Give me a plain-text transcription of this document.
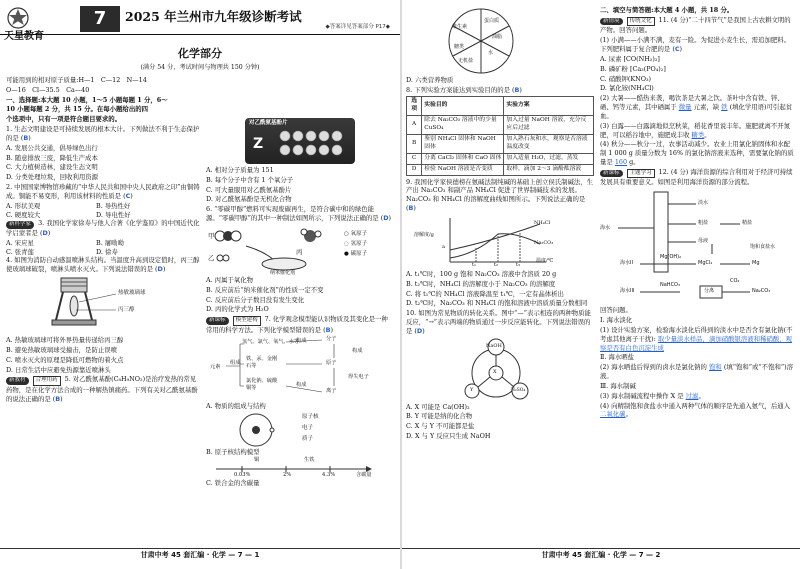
天星教育
7	2025 年兰州市九年级诊断考试
◆答案详见答案部分 P17◆
化学部分
(满分 54 分，考试时间与物理共 150 分钟)

可能用到的相对原子质量:H—1　C—12　N—14

O—16　Cl—35.5　Ca—40

一、选择题:本大题 10 小题，1～5 小题每题 1 分，6～

10 小题每题 2 分，共 15 分。在每小题给出的四

个选项中，只有一项是符合题目要求的。

1. 生态文明建设是可持续发展的根本大计。下列做法不利于生态保护的是 (B)

A. 发展公共交通，倡导绿色出行

B. 随意排放三废，降低生产成本

C. 大力植树造林，建设生态文明

D. 分类处理垃圾，回收利用资源

2. 中国国家博物馆珍藏的“中华人民共和国中央人民政府之印”由铜铸成。铜能不易变形，利用该材料的性质是 (C)
A. 形状美观	B. 导热性好
C. 硬度较大	D. 导电性好
新科学家 3. 我国化学家徐寿与他人合著《化学鉴原》的中国近代化学启蒙者是 (D)
A. 宋应星	B. 屠呦呦
C. 张青莲	D. 徐寿
4. 如图为消防自动感温喷淋头结构。当温度升高到设定值时，丙三醇使玻璃球破裂，喷淋头喷水灭火。下列说法错误的是 (D)
热敏玻璃球
丙三醇

A. 热敏玻璃球可将外界热量传递给丙三醇

B. 避免热敏玻璃球受撞击，是防止误喷

C. 喷水灭火的原理是降低可燃物的着火点

D. 日常生活中应避免热源靠近喷淋头

新教材 合理用药 5. 对乙酰氨基酚(C₈H₉NO₂)是治疗发热的常见药物，是在化学方法合成的一种解热镇痛药。下列有关对乙酰氨基酚的说法正确的是 (B)
对乙酰氨基酚片
Z

A. 相对分子质量为 151

B. 每个分子中含有 1 个氧分子

C. 可大量服用对乙酰氨基酚片

D. 对乙酰氨基酚是无机化合物

6. “零碳甲醇”燃料可实现废碳再生，是符合碳中和的绿色能源。“零碳甲醇”的其中一种制法如图所示，下列说法正确的是 (D)
甲
乙
丙
纳米催化剂
○ 氧原子
◌ 氢原子
● 碳原子

A. 丙属于氧化物

B. 反应前后“纳米催化剂”的性质一定不变

C. 反应前后分子数目没有发生变化

D. 丙的化学式为 H₂O

新课标 模型建构 7. 化学观念模型能认识物质及其变化是一种常用的科学方法。下列化学模型错误的是 (B)
元素
组成
氢气、氯气、氧气、水等
铁、汞、金刚石等
氯化钠、硫酸铜等
构成
构成
分子
原子
离子
构成
得失电子

A. 物质的组成与结构

原子核
电子
质子

B. 原子核结构模型

铜	生铁
0.03%	2%	4.3%	含碳量

C. 铁合金的含碳量

甘肃中考 45 套汇编 · 化学 — 7 — 1
蛋白质
维生素
糖类
无机盐
水
油脂

D. 六类营养物质

8. 下列实验方案能达到实验目的的是 (B)
选项	实验目的	实验方案
A	除去 Na₂CO₃ 溶液中的少量 CuSO₄	加入过量 NaOH 溶液，充分反应后过滤
B	鉴别 NH₄Cl 固体和 NaOH 固体	加入熟石灰和水，观察是否溶液温度改变
C	分离 CaCl₂ 固体和 CaO 固体	加入适量 H₂O，过滤，蒸发
D	检验 NaOH 溶液是否变质	取样，滴加 2～3 滴酚酞溶液
9. 我国化学家侯德榜在氨碱法制纯碱的基础上创立侯氏制碱法，生产出 Na₂CO₃ 和副产品 NH₄Cl 促进了世界制碱技术的发展。Na₂CO₃ 和 NH₄Cl 的溶解度曲线如图所示。下列说法正确的是 (B)
溶解度/g
NH₄Cl
Na₂CO₃
a
t₁	t₂	t₃
温度/℃

A. t₁℃时，100 g 饱和 Na₂CO₃ 溶液中含溶质 20 g

B. t₂℃时，NH₄Cl 的溶解度小于 Na₂CO₃ 的溶解度

C. 将 t₁℃的 NH₄Cl 溶液降温至 t₁℃，一定有晶体析出

D. t₂℃时，Na₂CO₃ 和 NH₄Cl 的饱和溶液中溶质质量分数相同

10. 如图为常见物质的转化关系。图中“—”表示相连的两种物质能反应，“→”表示两端的物质通过一步反应能转化。下列说法错误的是 (D)
NaOH
X
H₂SO₄
Y

A. X 可能是 Ca(OH)₂

B. Y 可能是纳的化合物

C. X 与 Y 不可能都是盐

D. X 与 Y 反应只生成 NaOH

二、填空与简答题:本大题 4 小题，共 18 分。

新情境 传统文化 11. (4 分)“二十四节气”是我国上古农耕文明的产物。回答问题。
(1) 小满——小满不满，麦有一险。为促进小麦生长，需追加肥料。下列肥料属于复合肥的是 (C)

A. 尿素 [CO(NH₂)₂]

B. 磷矿粉 [Ca₃(PO₄)₂]

C. 硝酸钾(KNO₃)

D. 氯化铵(NH₄Cl)

(2) 大暑——酷热来袭，喝饮茶是大暑之饮。茶叶中含有铁、锌、硒、钙等元素，其中硒属于 微量 元素，缺 铁 (填化学用语)可引起贫血。
(3) 白露——白露滴地似烹秋菜，稻花香里说丰年。施肥就离不开氮肥，可以稻谷地中，施肥成丰收 糖类。
(4) 秋分——秋分一过，农事活动减少。农业上用氯化钠固体和水配制 1 000 g 质量分数为 16% 的氯化钠溶液来选种，需要氯化钠的质量是 160 g。
新课标 主题学习 12. (4 分) 海洋资源的综合利用对于经济可持续发展具有重要意义。如图是利用海洋资源的部分流程。
海水
淡水
粗盐	精盐
母液
海水II	MgCl₂	Mg
Mg(OH)₂
海水III	分离
NaHCO₃
Na₂CO₃
CO₂
饱和食盐水

回答问题。

Ⅰ. 海水淡化

(1) 设计实验方案，检验海水淡化后得到的淡水中是否含有氯化钠(不考虑其他离子干扰): 取少量淡水样品，滴加硝酸银溶液和稀硝酸，观察是否有白色沉淀生成

Ⅱ. 海水晒盐

(2) 海水晒盐后得到的卤水是氯化钠的 饱和 (填“饱和”或“不饱和”)溶液。

Ⅲ. 海水制碱

(3) 海水制碱流程中操作 X 是 过滤。
(4) 向精制饱和食盐水中通入两种气体的顺序是先通入氨气，后通入 二氧化碳。
甘肃中考 45 套汇编 · 化学 — 7 — 2
